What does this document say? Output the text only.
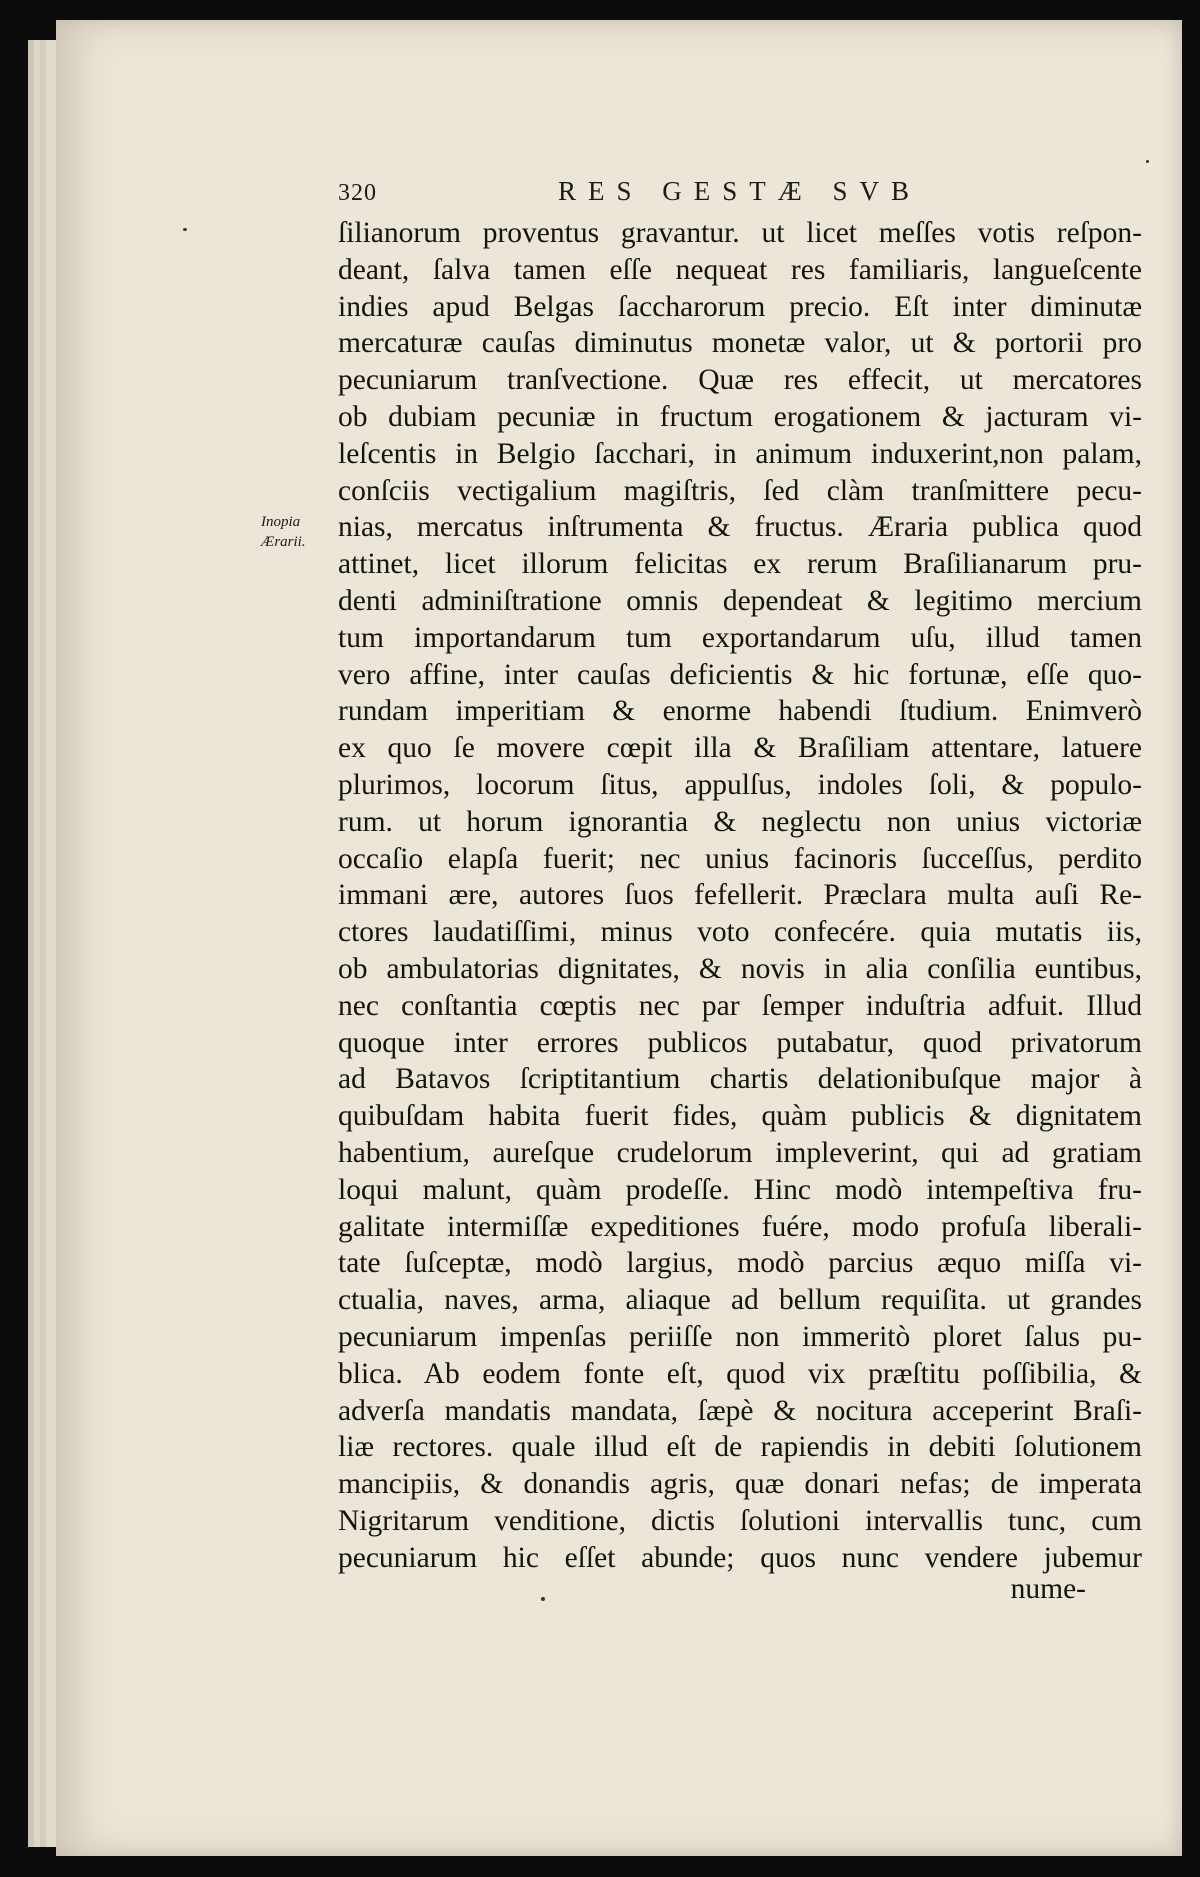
320	RES GESTÆ SVB
Inopia
Ærarii.
ſilianorum proventus gravantur. ut licet meſſes votis reſpon-
deant, ſalva tamen eſſe nequeat res familiaris, langueſcente
indies apud Belgas ſaccharorum precio. Eſt inter diminutæ
mercaturæ cauſas diminutus monetæ valor, ut & portorii pro
pecuniarum tranſvectione. Quæ res effecit, ut mercatores
ob dubiam pecuniæ in fructum erogationem & jacturam vi-
leſcentis in Belgio ſacchari, in animum induxerint,non palam,
conſciis vectigalium magiſtris, ſed clàm tranſmittere pecu-
nias, mercatus inſtrumenta & fructus. Æraria publica quod
attinet, licet illorum felicitas ex rerum Braſilianarum pru-
denti adminiſtratione omnis dependeat & legitimo mercium
tum importandarum tum exportandarum uſu, illud tamen
vero affine, inter cauſas deficientis & hic fortunæ, eſſe quo-
rundam imperitiam & enorme habendi ſtudium. Enimverò
ex quo ſe movere cœpit illa & Braſiliam attentare, latuere
plurimos, locorum ſitus, appulſus, indoles ſoli, & populo-
rum. ut horum ignorantia & neglectu non unius victoriæ
occaſio elapſa fuerit; nec unius facinoris ſucceſſus, perdito
immani ære, autores ſuos fefellerit. Præclara multa auſi Re-
ctores laudatiſſimi, minus voto confecére. quia mutatis iis,
ob ambulatorias dignitates, & novis in alia conſilia euntibus,
nec conſtantia cœptis nec par ſemper induſtria adfuit. Illud
quoque inter errores publicos putabatur, quod privatorum
ad Batavos ſcriptitantium chartis delationibuſque major à
quibuſdam habita fuerit fides, quàm publicis & dignitatem
habentium, aureſque crudelorum impleverint, qui ad gratiam
loqui malunt, quàm prodeſſe. Hinc modò intempeſtiva fru-
galitate intermiſſæ expeditiones fuére, modo profuſa liberali-
tate ſuſceptæ, modò largius, modò parcius æquo miſſa vi-
ctualia, naves, arma, aliaque ad bellum requiſita. ut grandes
pecuniarum impenſas periiſſe non immeritò ploret ſalus pu-
blica. Ab eodem fonte eſt, quod vix præſtitu poſſibilia, &
adverſa mandatis mandata, ſæpè & nocitura acceperint Braſi-
liæ rectores. quale illud eſt de rapiendis in debiti ſolutionem
mancipiis, & donandis agris, quæ donari nefas; de imperata
Nigritarum venditione, dictis ſolutioni intervallis tunc, cum
pecuniarum hic eſſet abunde; quos nunc vendere jubemur
nume-
